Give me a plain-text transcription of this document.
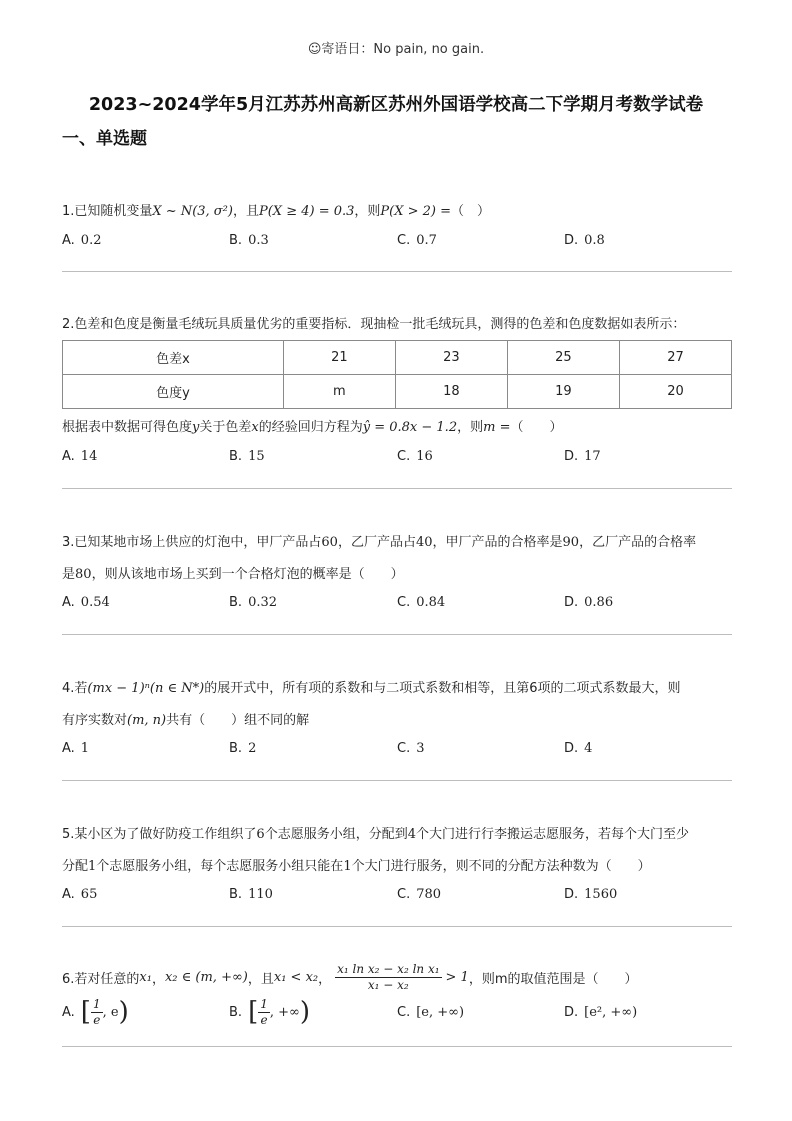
☺寄语日：No pain, no gain.
2023~2024学年5月江苏苏州高新区苏州外国语学校高二下学期月考数学试卷
一、单选题
1.已知随机变量X ~ N(3, σ²)，且P(X ≥ 4) = 0.3，则P(X > 2) =（　）
A. 0.2	B. 0.3	C. 0.7	D. 0.8
2.色差和色度是衡量毛绒玩具质量优劣的重要指标．现抽检一批毛绒玩具，测得的色差和色度数据如表所示：
色差x	21	23	25	27
色度y	m	18	19	20
根据表中数据可得色度y关于色差x的经验回归方程为ŷ = 0.8x − 1.2，则m =（　　）
A. 14	B. 15	C. 16	D. 17
3.已知某地市场上供应的灯泡中，甲厂产品占60，乙厂产品占40，甲厂产品的合格率是90，乙厂产品的合格率
是80，则从该地市场上买到一个合格灯泡的概率是（　　）
A. 0.54	B. 0.32	C. 0.84	D. 0.86
4.若(mx − 1)ⁿ(n ∈ N*)的展开式中，所有项的系数和与二项式系数和相等，且第6项的二项式系数最大，则
有序实数对(m, n)共有（　　）组不同的解
A. 1	B. 2	C. 3	D. 4
5.某小区为了做好防疫工作组织了6个志愿服务小组，分配到4个大门进行行李搬运志愿服务，若每个大门至少
分配1个志愿服务小组，每个志愿服务小组只能在1个大门进行服务，则不同的分配方法种数为（　　）
A. 65	B. 110	C. 780	D. 1560
6.若对任意的 x₁ ， x₂ ∈ (m, +∞) ，且 x₁ < x₂ ， $\frac{\text{x₁ ln x₂ − x₂ ln x₁}}{\text{x₁ − x₂}} > 1$ ，则m的取值范围是（　　）
A. [ $\frac{1}{e}$ , e )	B. [ $\frac{1}{e}$ , +∞ )	C. [e, +∞)	D. [e², +∞)
